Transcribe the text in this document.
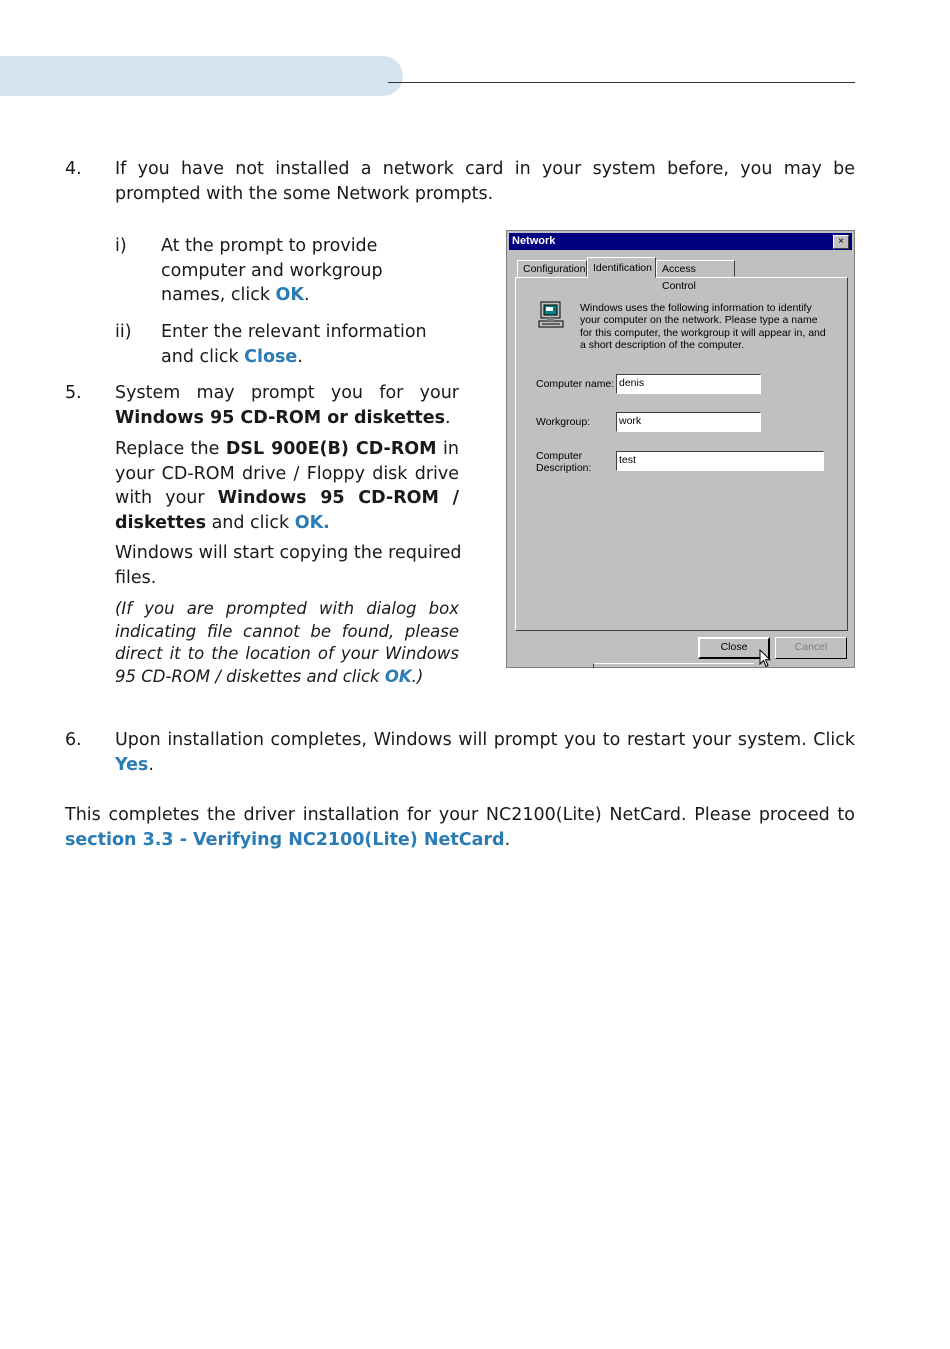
4. If you have not installed a network card in your system before, you may be prompted with the some Network prompts.
i) At the prompt to provide computer and workgroup names, click OK.
ii) Enter the relevant information and click Close.
5. System may prompt you for your Windows 95 CD-ROM or diskettes.
Replace the DSL 900E(B) CD-ROM in your CD-ROM drive / Floppy disk drive with your Windows 95 CD-ROM / diskettes and click OK.
Windows will start copying the required files.
(If you are prompted with dialog box indicating file cannot be found, please direct it to the location of your Windows 95 CD-ROM / diskettes and click OK.)
Network	×
Configuration Identification Access Control
Windows uses the following information to identify your computer on the network. Please type a name for this computer, the workgroup it will appear in, and a short description of the computer.
Computer name: denis
Workgroup:	work
Computer
Description:
test
Close	Cancel
6. Upon installation completes, Windows will prompt you to restart your system. Click Yes.
This completes the driver installation for your NC2100(Lite) NetCard. Please proceed to section 3.3 - Verifying NC2100(Lite) NetCard.
